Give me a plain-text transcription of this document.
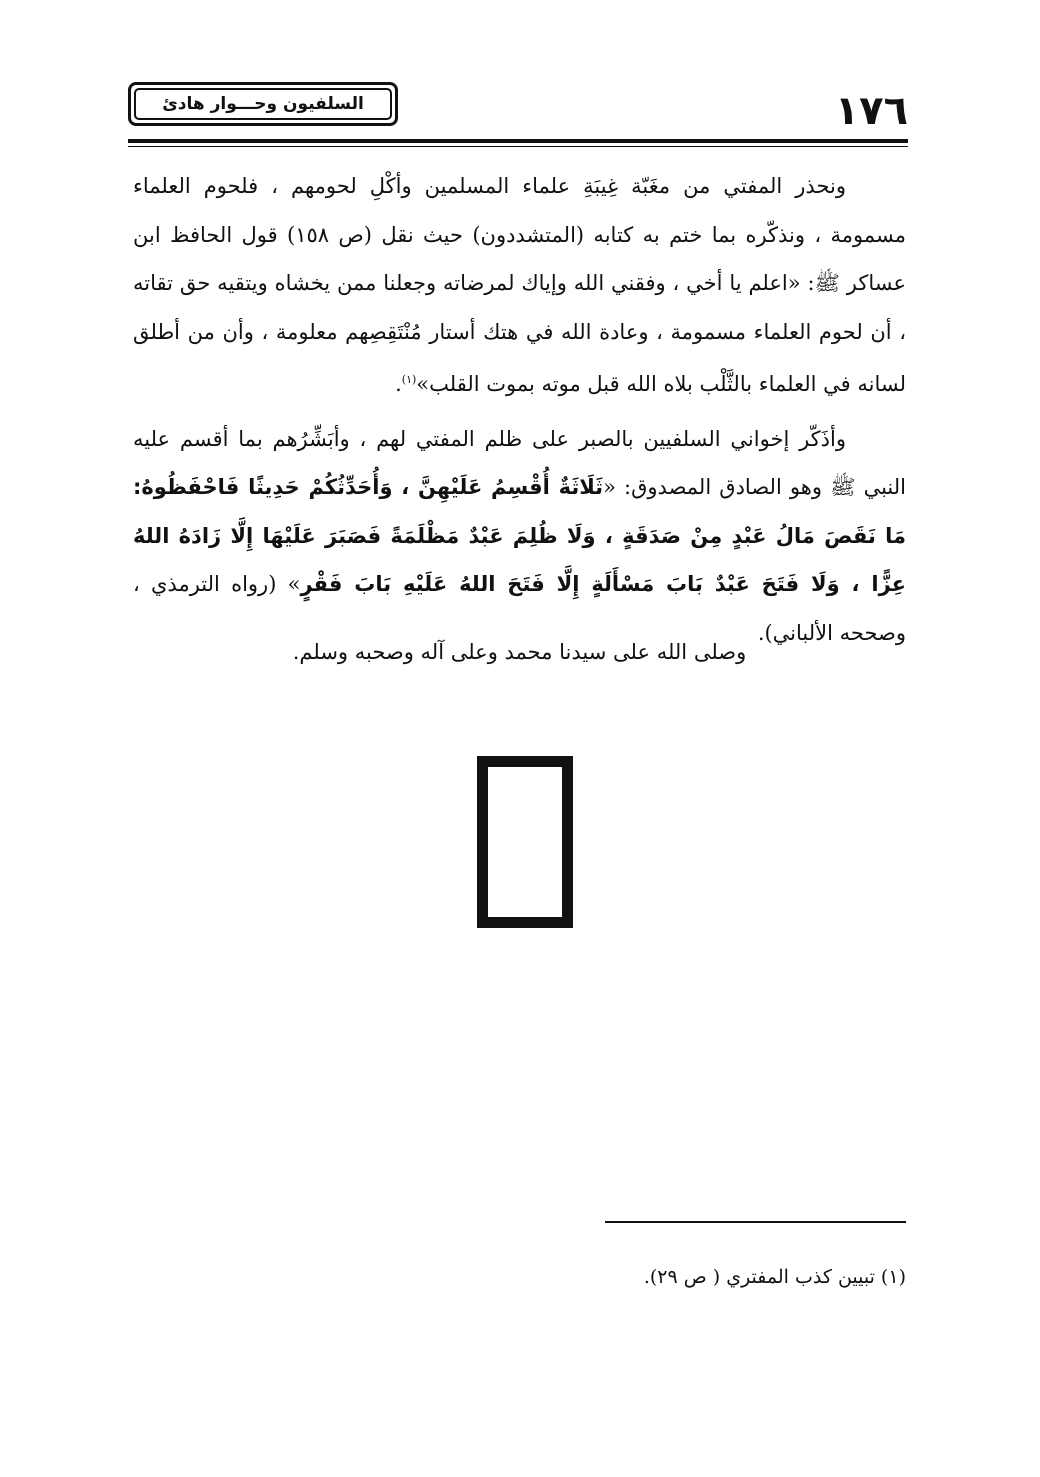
١٧٦
السلفيون وحـــوار هادئ

ونحذر المفتي من مغَبّة غِيبَةِ علماء المسلمين وأكْلِ لحومهم ، فلحوم العلماء مسمومة ، ونذكّره بما ختم به كتابه (المتشددون) حيث نقل (ص ١٥٨) قول الحافظ ابن عساكر ﷺ: «اعلم يا أخي ، وفقني الله وإياك لمرضاته وجعلنا ممن يخشاه ويتقيه حق تقاته ، أن لحوم العلماء مسمومة ، وعادة الله في هتك أستار مُنْتَقِصِهم معلومة ، وأن من أطلق لسانه في العلماء بالثَّلْب بلاه الله قبل موته بموت القلب»$^{(١)}$.

وأذَكّر إخواني السلفيين بالصبر على ظلم المفتي لهم ، وأبَشِّرُهم بما أقسم عليه النبي ﷺ وهو الصادق المصدوق: «ثَلَاثَةٌ أُقْسِمُ عَلَيْهِنَّ ، وَأُحَدِّثُكُمْ حَدِيثًا فَاحْفَظُوهُ: مَا نَقَصَ مَالُ عَبْدٍ مِنْ صَدَقَةٍ ، وَلَا ظُلِمَ عَبْدٌ مَظْلَمَةً فَصَبَرَ عَلَيْهَا إِلَّا زَادَهُ اللهُ عِزًّا ، وَلَا فَتَحَ عَبْدٌ بَابَ مَسْأَلَةٍ إِلَّا فَتَحَ اللهُ عَلَيْهِ بَابَ فَقْرٍ» (رواه الترمذي ، وصححه الألباني).

وصلى الله على سيدنا محمد وعلى آله وصحبه وسلم.
(١) تبيين كذب المفتري ( ص ٢٩).
